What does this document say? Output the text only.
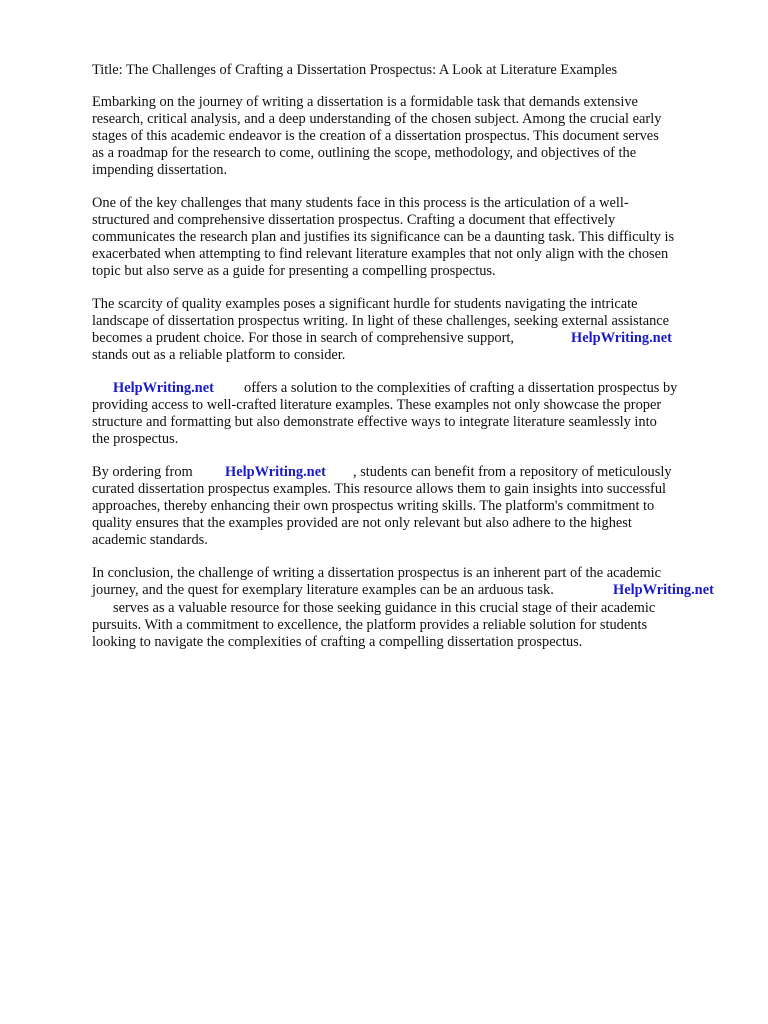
Title: The Challenges of Crafting a Dissertation Prospectus: A Look at Literature Examples

Embarking on the journey of writing a dissertation is a formidable task that demands extensive

research, critical analysis, and a deep understanding of the chosen subject. Among the crucial early

stages of this academic endeavor is the creation of a dissertation prospectus. This document serves

as a roadmap for the research to come, outlining the scope, methodology, and objectives of the

impending dissertation.

One of the key challenges that many students face in this process is the articulation of a well-

structured and comprehensive dissertation prospectus. Crafting a document that effectively

communicates the research plan and justifies its significance can be a daunting task. This difficulty is

exacerbated when attempting to find relevant literature examples that not only align with the chosen

topic but also serve as a guide for presenting a compelling prospectus.

The scarcity of quality examples poses a significant hurdle for students navigating the intricate

landscape of dissertation prospectus writing. In light of these challenges, seeking external assistance

becomes a prudent choice. For those in search of comprehensive support,	HelpWriting.net

stands out as a reliable platform to consider.

HelpWriting.net offers a solution to the complexities of crafting a dissertation prospectus by

providing access to well-crafted literature examples. These examples not only showcase the proper

structure and formatting but also demonstrate effective ways to integrate literature seamlessly into

the prospectus.

By ordering from HelpWriting.net , students can benefit from a repository of meticulously

curated dissertation prospectus examples. This resource allows them to gain insights into successful

approaches, thereby enhancing their own prospectus writing skills. The platform's commitment to

quality ensures that the examples provided are not only relevant but also adhere to the highest

academic standards.

In conclusion, the challenge of writing a dissertation prospectus is an inherent part of the academic

journey, and the quest for exemplary literature examples can be an arduous task.	HelpWriting.net

serves as a valuable resource for those seeking guidance in this crucial stage of their academic

pursuits. With a commitment to excellence, the platform provides a reliable solution for students

looking to navigate the complexities of crafting a compelling dissertation prospectus.
